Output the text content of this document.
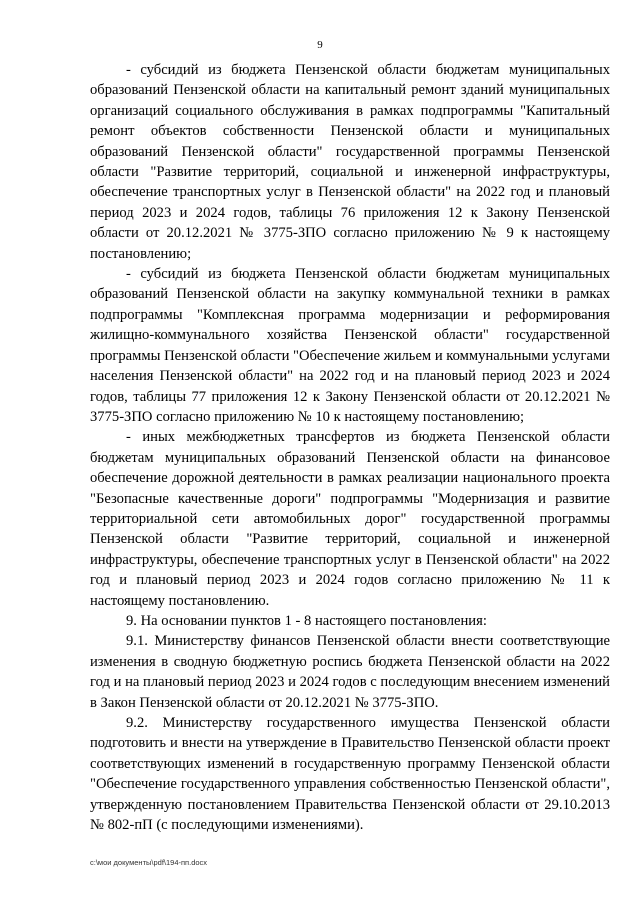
9

- субсидий из бюджета Пензенской области бюджетам муниципальных образований Пензенской области на капитальный ремонт зданий муниципальных организаций социального обслуживания в рамках подпрограммы "Капитальный ремонт объектов собственности Пензенской области и муниципальных образований Пензенской области" государственной программы Пензенской области "Развитие территорий, социальной и инженерной инфраструктуры, обеспечение транспортных услуг в Пензенской области" на 2022 год и плановый период 2023 и 2024 годов, таблицы 76 приложения 12 к Закону Пензенской области от 20.12.2021 № 3775-ЗПО согласно приложению № 9 к настоящему постановлению;

- субсидий из бюджета Пензенской области бюджетам муниципальных образований Пензенской области на закупку коммунальной техники в рамках подпрограммы "Комплексная программа модернизации и реформирования жилищно-коммунального хозяйства Пензенской области" государственной программы Пензенской области "Обеспечение жильем и коммунальными услугами населения Пензенской области" на 2022 год и на плановый период 2023 и 2024 годов, таблицы 77 приложения 12 к Закону Пензенской области от 20.12.2021 № 3775-ЗПО согласно приложению № 10 к настоящему постановлению;

- иных межбюджетных трансфертов из бюджета Пензенской области бюджетам муниципальных образований Пензенской области на финансовое обеспечение дорожной деятельности в рамках реализации национального проекта "Безопасные качественные дороги" подпрограммы "Модернизация и развитие территориальной сети автомобильных дорог" государственной программы Пензенской области "Развитие территорий, социальной и инженерной инфраструктуры, обеспечение транспортных услуг в Пензенской области" на 2022 год и плановый период 2023 и 2024 годов согласно приложению № 11 к настоящему постановлению.

9. На основании пунктов 1 - 8 настоящего постановления:

9.1. Министерству финансов Пензенской области внести соответствующие изменения в сводную бюджетную роспись бюджета Пензенской области на 2022 год и на плановый период 2023 и 2024 годов с последующим внесением изменений в Закон Пензенской области от 20.12.2021 № 3775-ЗПО.

9.2. Министерству государственного имущества Пензенской области подготовить и внести на утверждение в Правительство Пензенской области проект соответствующих изменений в государственную программу Пензенской области "Обеспечение государственного управления собственностью Пензенской области", утвержденную постановлением Правительства Пензенской области от 29.10.2013 № 802-пП (с последующими изменениями).

c:\мои документы\pdf\194-пп.docx
